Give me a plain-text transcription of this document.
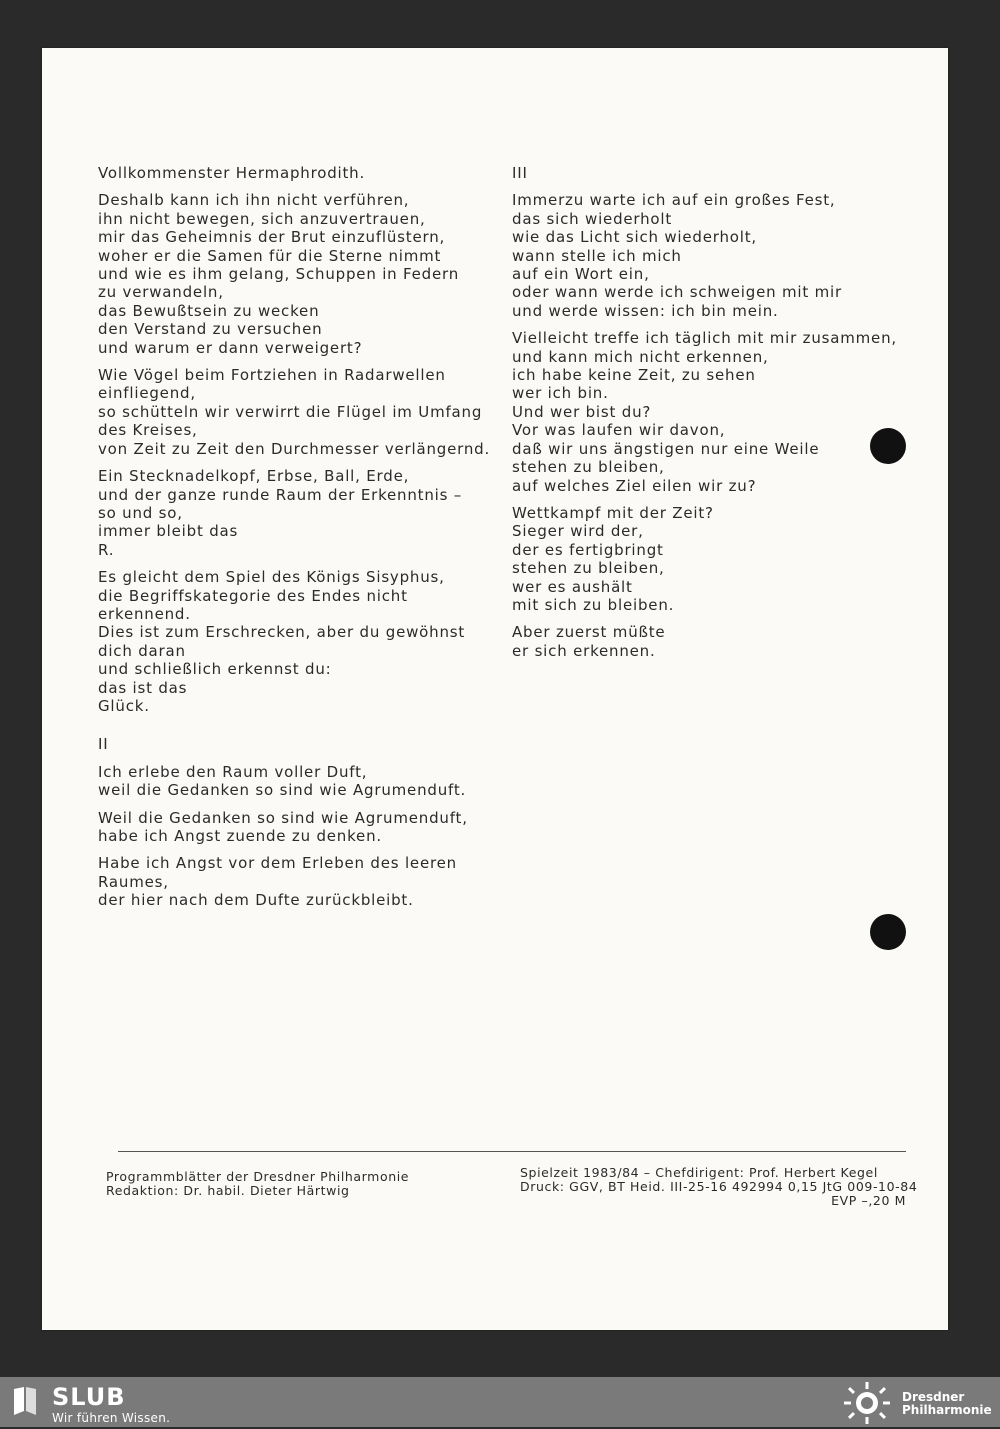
Vollkommenster Hermaphrodith.
Deshalb kann ich ihn nicht verführen,
ihn nicht bewegen, sich anzuvertrauen,
mir das Geheimnis der Brut einzuflüstern,
woher er die Samen für die Sterne nimmt
und wie es ihm gelang, Schuppen in Federn
zu verwandeln,
das Bewußtsein zu wecken
den Verstand zu versuchen
und warum er dann verweigert?
Wie Vögel beim Fortziehen in Radarwellen
einfliegend,
so schütteln wir verwirrt die Flügel im Umfang
des Kreises,
von Zeit zu Zeit den Durchmesser verlängernd.
Ein Stecknadelkopf, Erbse, Ball, Erde,
und der ganze runde Raum der Erkenntnis –
so und so,
immer bleibt das
R.
Es gleicht dem Spiel des Königs Sisyphus,
die Begriffskategorie des Endes nicht
erkennend.
Dies ist zum Erschrecken, aber du gewöhnst
dich daran
und schließlich erkennst du:
das ist das
Glück.
II
Ich erlebe den Raum voller Duft,
weil die Gedanken so sind wie Agrumenduft.
Weil die Gedanken so sind wie Agrumenduft,
habe ich Angst zuende zu denken.
Habe ich Angst vor dem Erleben des leeren
Raumes,
der hier nach dem Dufte zurückbleibt.
III
Immerzu warte ich auf ein großes Fest,
das sich wiederholt
wie das Licht sich wiederholt,
wann stelle ich mich
auf ein Wort ein,
oder wann werde ich schweigen mit mir
und werde wissen: ich bin mein.
Vielleicht treffe ich täglich mit mir zusammen,
und kann mich nicht erkennen,
ich habe keine Zeit, zu sehen
wer ich bin.
Und wer bist du?
Vor was laufen wir davon,
daß wir uns ängstigen nur eine Weile
stehen zu bleiben,
auf welches Ziel eilen wir zu?
Wettkampf mit der Zeit?
Sieger wird der,
der es fertigbringt
stehen zu bleiben,
wer es aushält
mit sich zu bleiben.
Aber zuerst müßte
er sich erkennen.
Programmblätter der Dresdner Philharmonie
Redaktion: Dr. habil. Dieter Härtwig
Spielzeit 1983/84 – Chefdirigent: Prof. Herbert Kegel
Druck: GGV, BT Heid. III-25-16 492994 0,15 JtG 009-10-84
EVP –,20 M
SLUB
Wir führen Wissen.
Dresdner
Philharmonie
